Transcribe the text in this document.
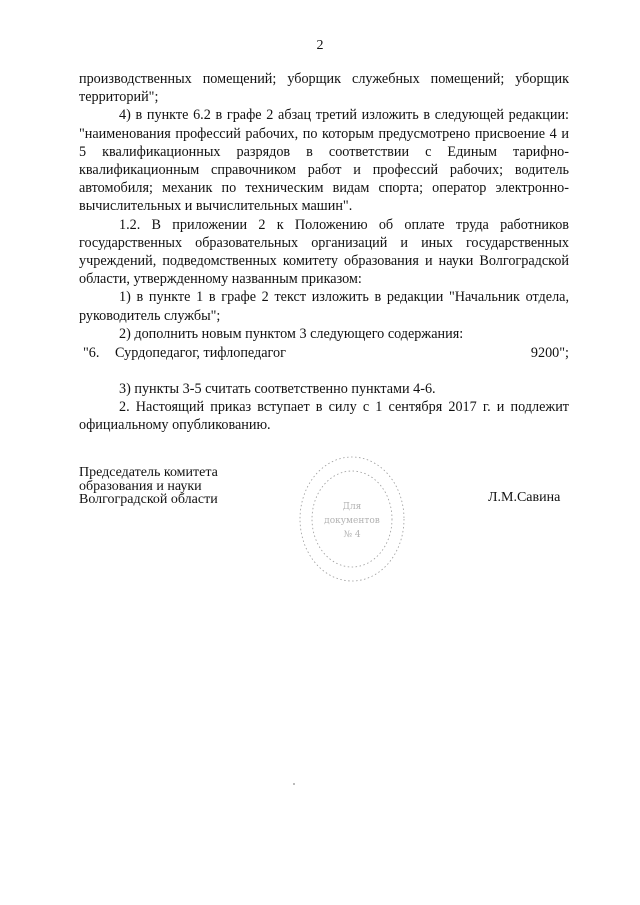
2

производственных помещений; уборщик служебных помещений; уборщик территорий";

4) в пункте 6.2 в графе 2 абзац третий изложить в следующей редакции: "наименования профессий рабочих, по которым предусмотрено присвоение 4 и 5 квалификационных разрядов в соответствии с Единым тарифно-квалификационным справочником работ и профессий рабочих; водитель автомобиля; механик по техническим видам спорта; оператор электронно- вычислительных и вычислительных машин".

1.2. В приложении 2 к Положению об оплате труда работников государственных образовательных организаций и иных государственных учреждений, подведомственных комитету образования и науки Волгоградской области, утвержденному названным приказом:

1) в пункте 1 в графе 2 текст изложить в редакции "Начальник отдела, руководитель службы";

2) дополнить новым пунктом 3 следующего содержания:

"6. Сурдопедагог, тифлопедагог	9200";

3) пункты 3-5 считать соответственно пунктами 4-6.

2. Настоящий приказ вступает в силу с 1 сентября 2017 г. и подлежит официальному опубликованию.

Председатель комитета
образования и науки
Волгоградской области	Для
документов
№ 4
Л.М.Савина
